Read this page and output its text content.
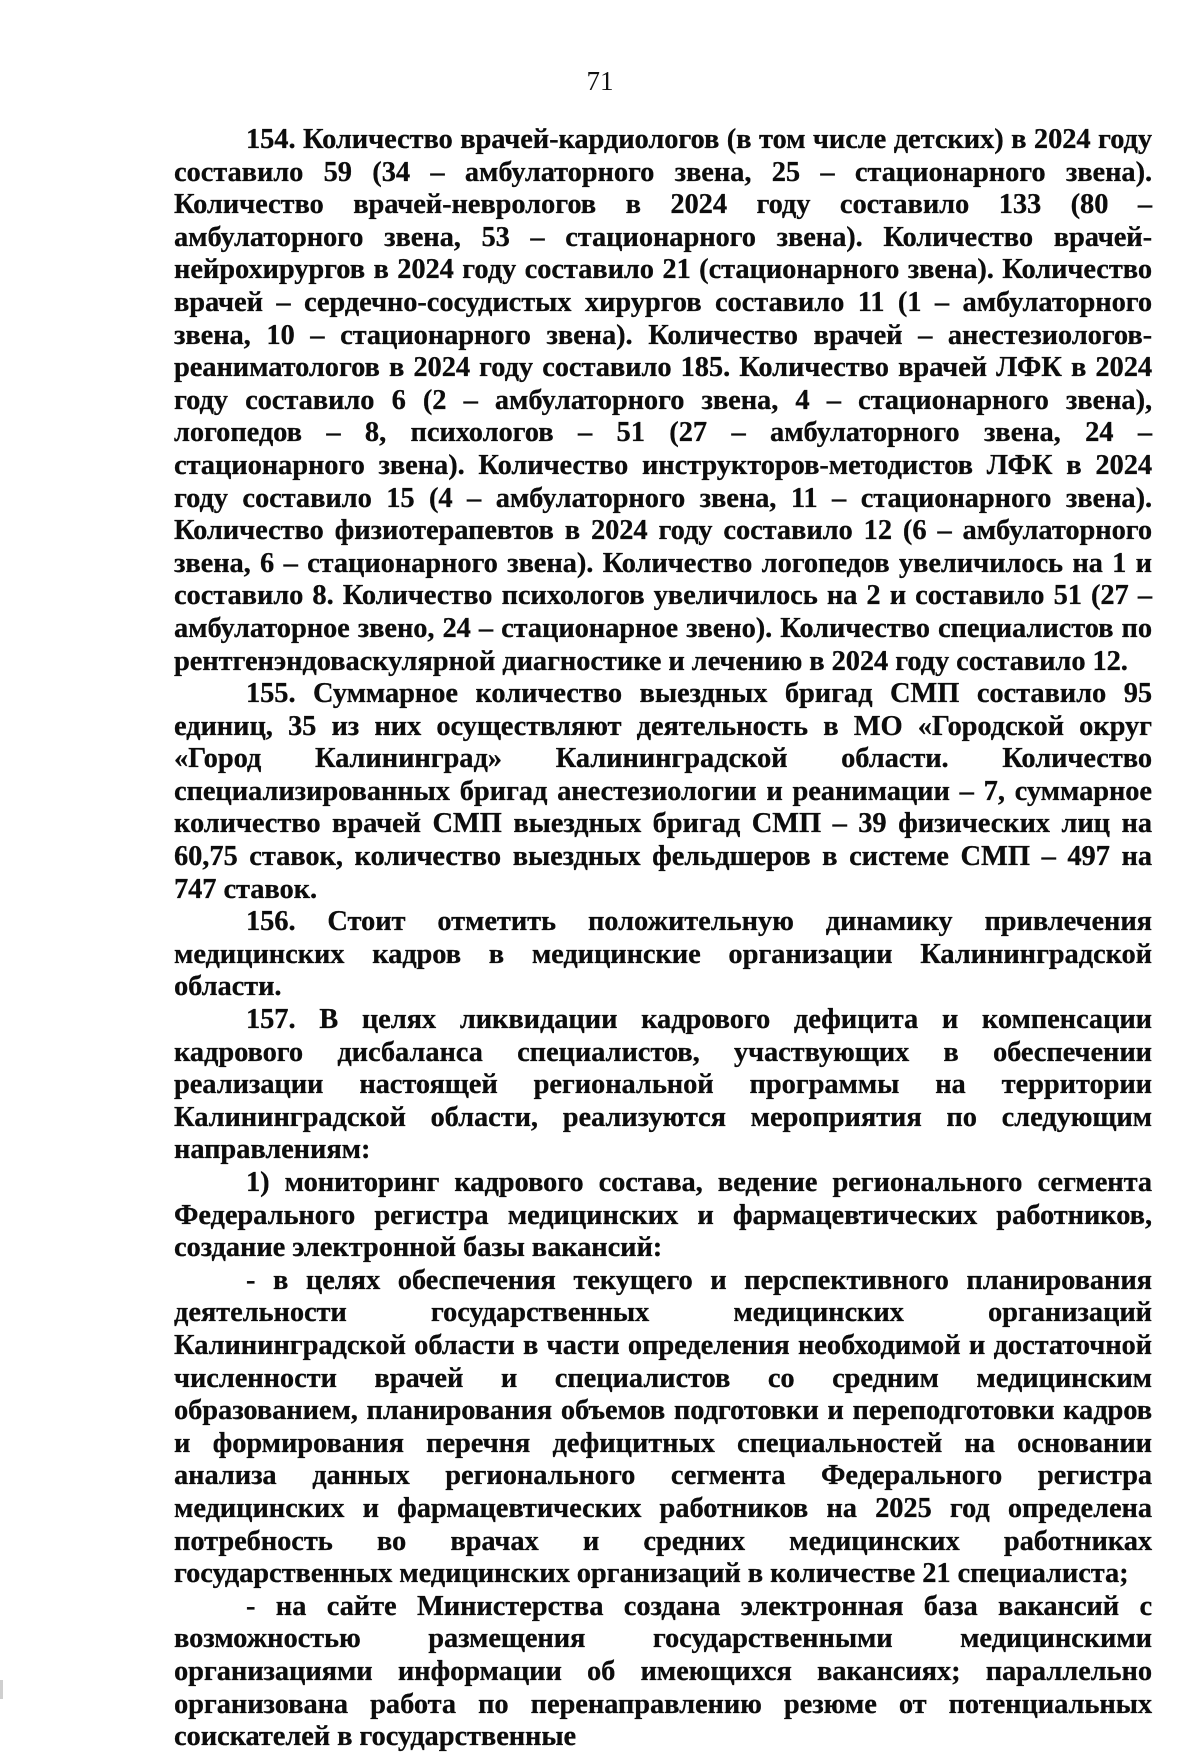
71

154. Количество врачей-кардиологов (в том числе детских) в 2024 году составило 59 (34 – амбулаторного звена, 25 – стационарного звена). Количество врачей-неврологов в 2024 году составило 133 (80 – амбулаторного звена, 53 – стационарного звена). Количество врачей-нейрохирургов в 2024 году составило 21 (стационарного звена). Количество врачей – сердечно-сосудистых хирургов составило 11 (1 – амбулаторного звена, 10 – стационарного звена). Количество врачей – анестезиологов-реаниматологов в 2024 году составило 185. Количество врачей ЛФК в 2024 году составило 6 (2 – амбулаторного звена, 4 – стационарного звена), логопедов – 8, психологов – 51 (27 – амбулаторного звена, 24 – стационарного звена). Количество инструкторов-методистов ЛФК в 2024 году составило 15 (4 – амбулаторного звена, 11 – стационарного звена). Количество физиотерапевтов в 2024 году составило 12 (6 – амбулаторного звена, 6 – стационарного звена). Количество логопедов увеличилось на 1 и составило 8. Количество психологов увеличилось на 2 и составило 51 (27 – амбулаторное звено, 24 – стационарное звено). Количество специалистов по рентгенэндоваскулярной диагностике и лечению в 2024 году составило 12.

155. Суммарное количество выездных бригад СМП составило 95 единиц, 35 из них осуществляют деятельность в МО «Городской округ «Город Калининград» Калининградской области. Количество специализированных бригад анестезиологии и реанимации – 7, суммарное количество врачей СМП выездных бригад СМП – 39 физических лиц на 60,75 ставок, количество выездных фельдшеров в системе СМП – 497 на 747 ставок.

156. Стоит отметить положительную динамику привлечения медицинских кадров в медицинские организации Калининградской области.

157. В целях ликвидации кадрового дефицита и компенсации кадрового дисбаланса специалистов, участвующих в обеспечении реализации настоящей региональной программы на территории Калининградской области, реализуются мероприятия по следующим направлениям:

1) мониторинг кадрового состава, ведение регионального сегмента Федерального регистра медицинских и фармацевтических работников, создание электронной базы вакансий:

- в целях обеспечения текущего и перспективного планирования деятельности государственных медицинских организаций Калининградской области в части определения необходимой и достаточной численности врачей и специалистов со средним медицинским образованием, планирования объемов подготовки и переподготовки кадров и формирования перечня дефицитных специальностей на основании анализа данных регионального сегмента Федерального регистра медицинских и фармацевтических работников на 2025 год определена потребность во врачах и средних медицинских работниках государственных медицинских организаций в количестве 21 специалиста;

- на сайте Министерства создана электронная база вакансий с возможностью размещения государственными медицинскими организациями информации об имеющихся вакансиях; параллельно организована работа по перенаправлению резюме от потенциальных соискателей в государственные
